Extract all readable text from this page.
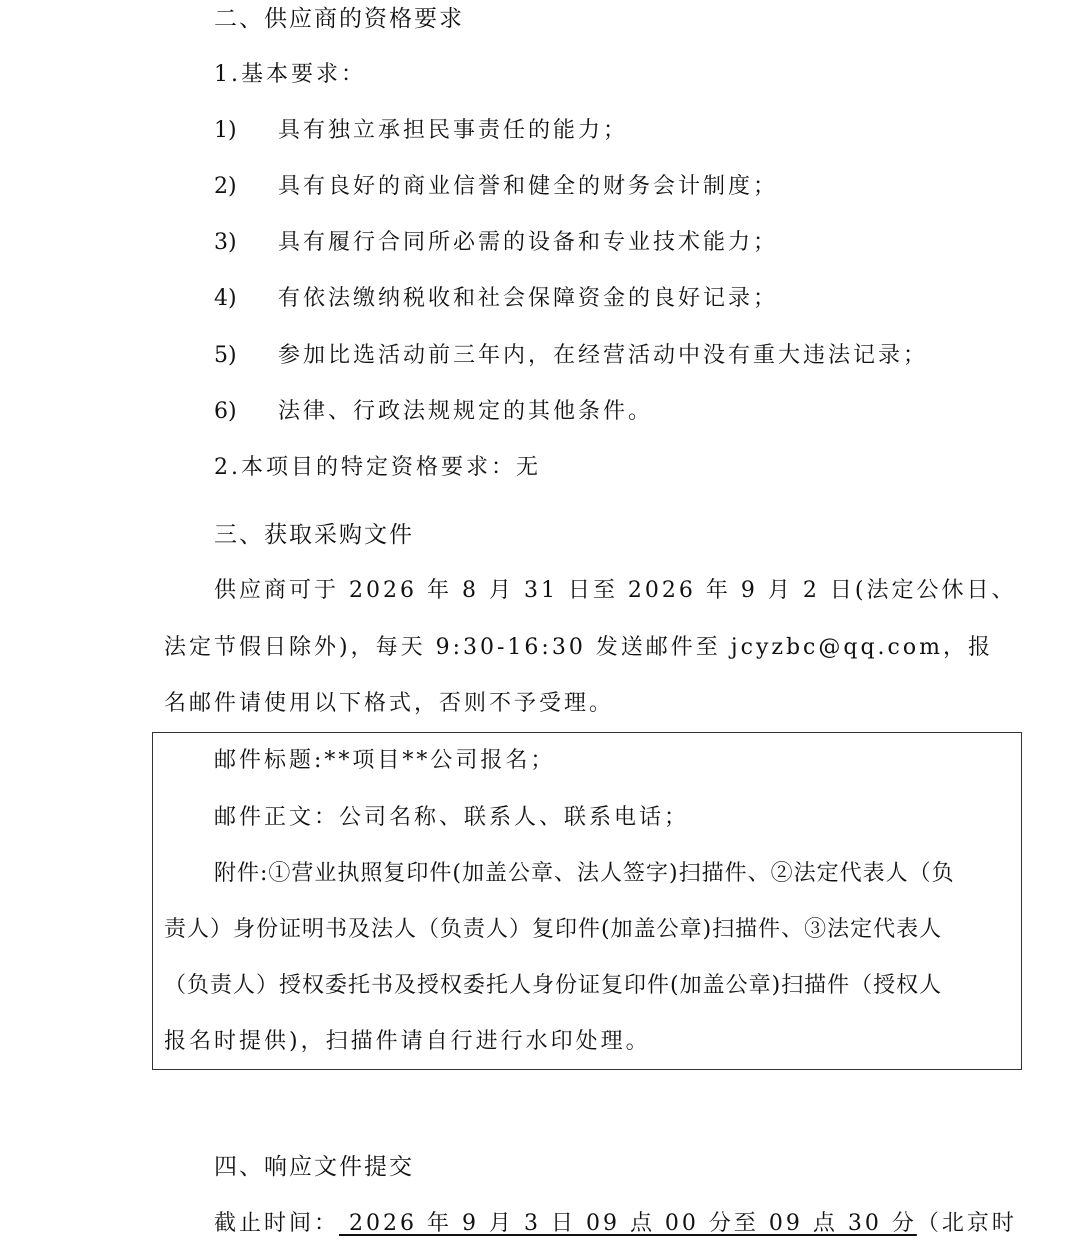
二、供应商的资格要求
1.基本要求：
1) 具有独立承担民事责任的能力；
2) 具有良好的商业信誉和健全的财务会计制度；
3) 具有履行合同所必需的设备和专业技术能力；
4) 有依法缴纳税收和社会保障资金的良好记录；
5) 参加比选活动前三年内，在经营活动中没有重大违法记录；
6) 法律、行政法规规定的其他条件。
2.本项目的特定资格要求：无
三、获取采购文件
供应商可于 2026 年 8 月 31 日至 2026 年 9 月 2 日(法定公休日、
法定节假日除外)，每天 9:30-16:30 发送邮件至 jcyzbc@qq.com，报
名邮件请使用以下格式，否则不予受理。
邮件标题:**项目**公司报名；
邮件正文：公司名称、联系人、联系电话；
附件:①营业执照复印件(加盖公章、法人签字)扫描件、②法定代表人（负
责人）身份证明书及法人（负责人）复印件(加盖公章)扫描件、③法定代表人
（负责人）授权委托书及授权委托人身份证复印件(加盖公章)扫描件（授权人
报名时提供)，扫描件请自行进行水印处理。
四、响应文件提交
截止时间： 2026 年 9 月 3 日 09 点 00 分至 09 点 30 分（北京时
